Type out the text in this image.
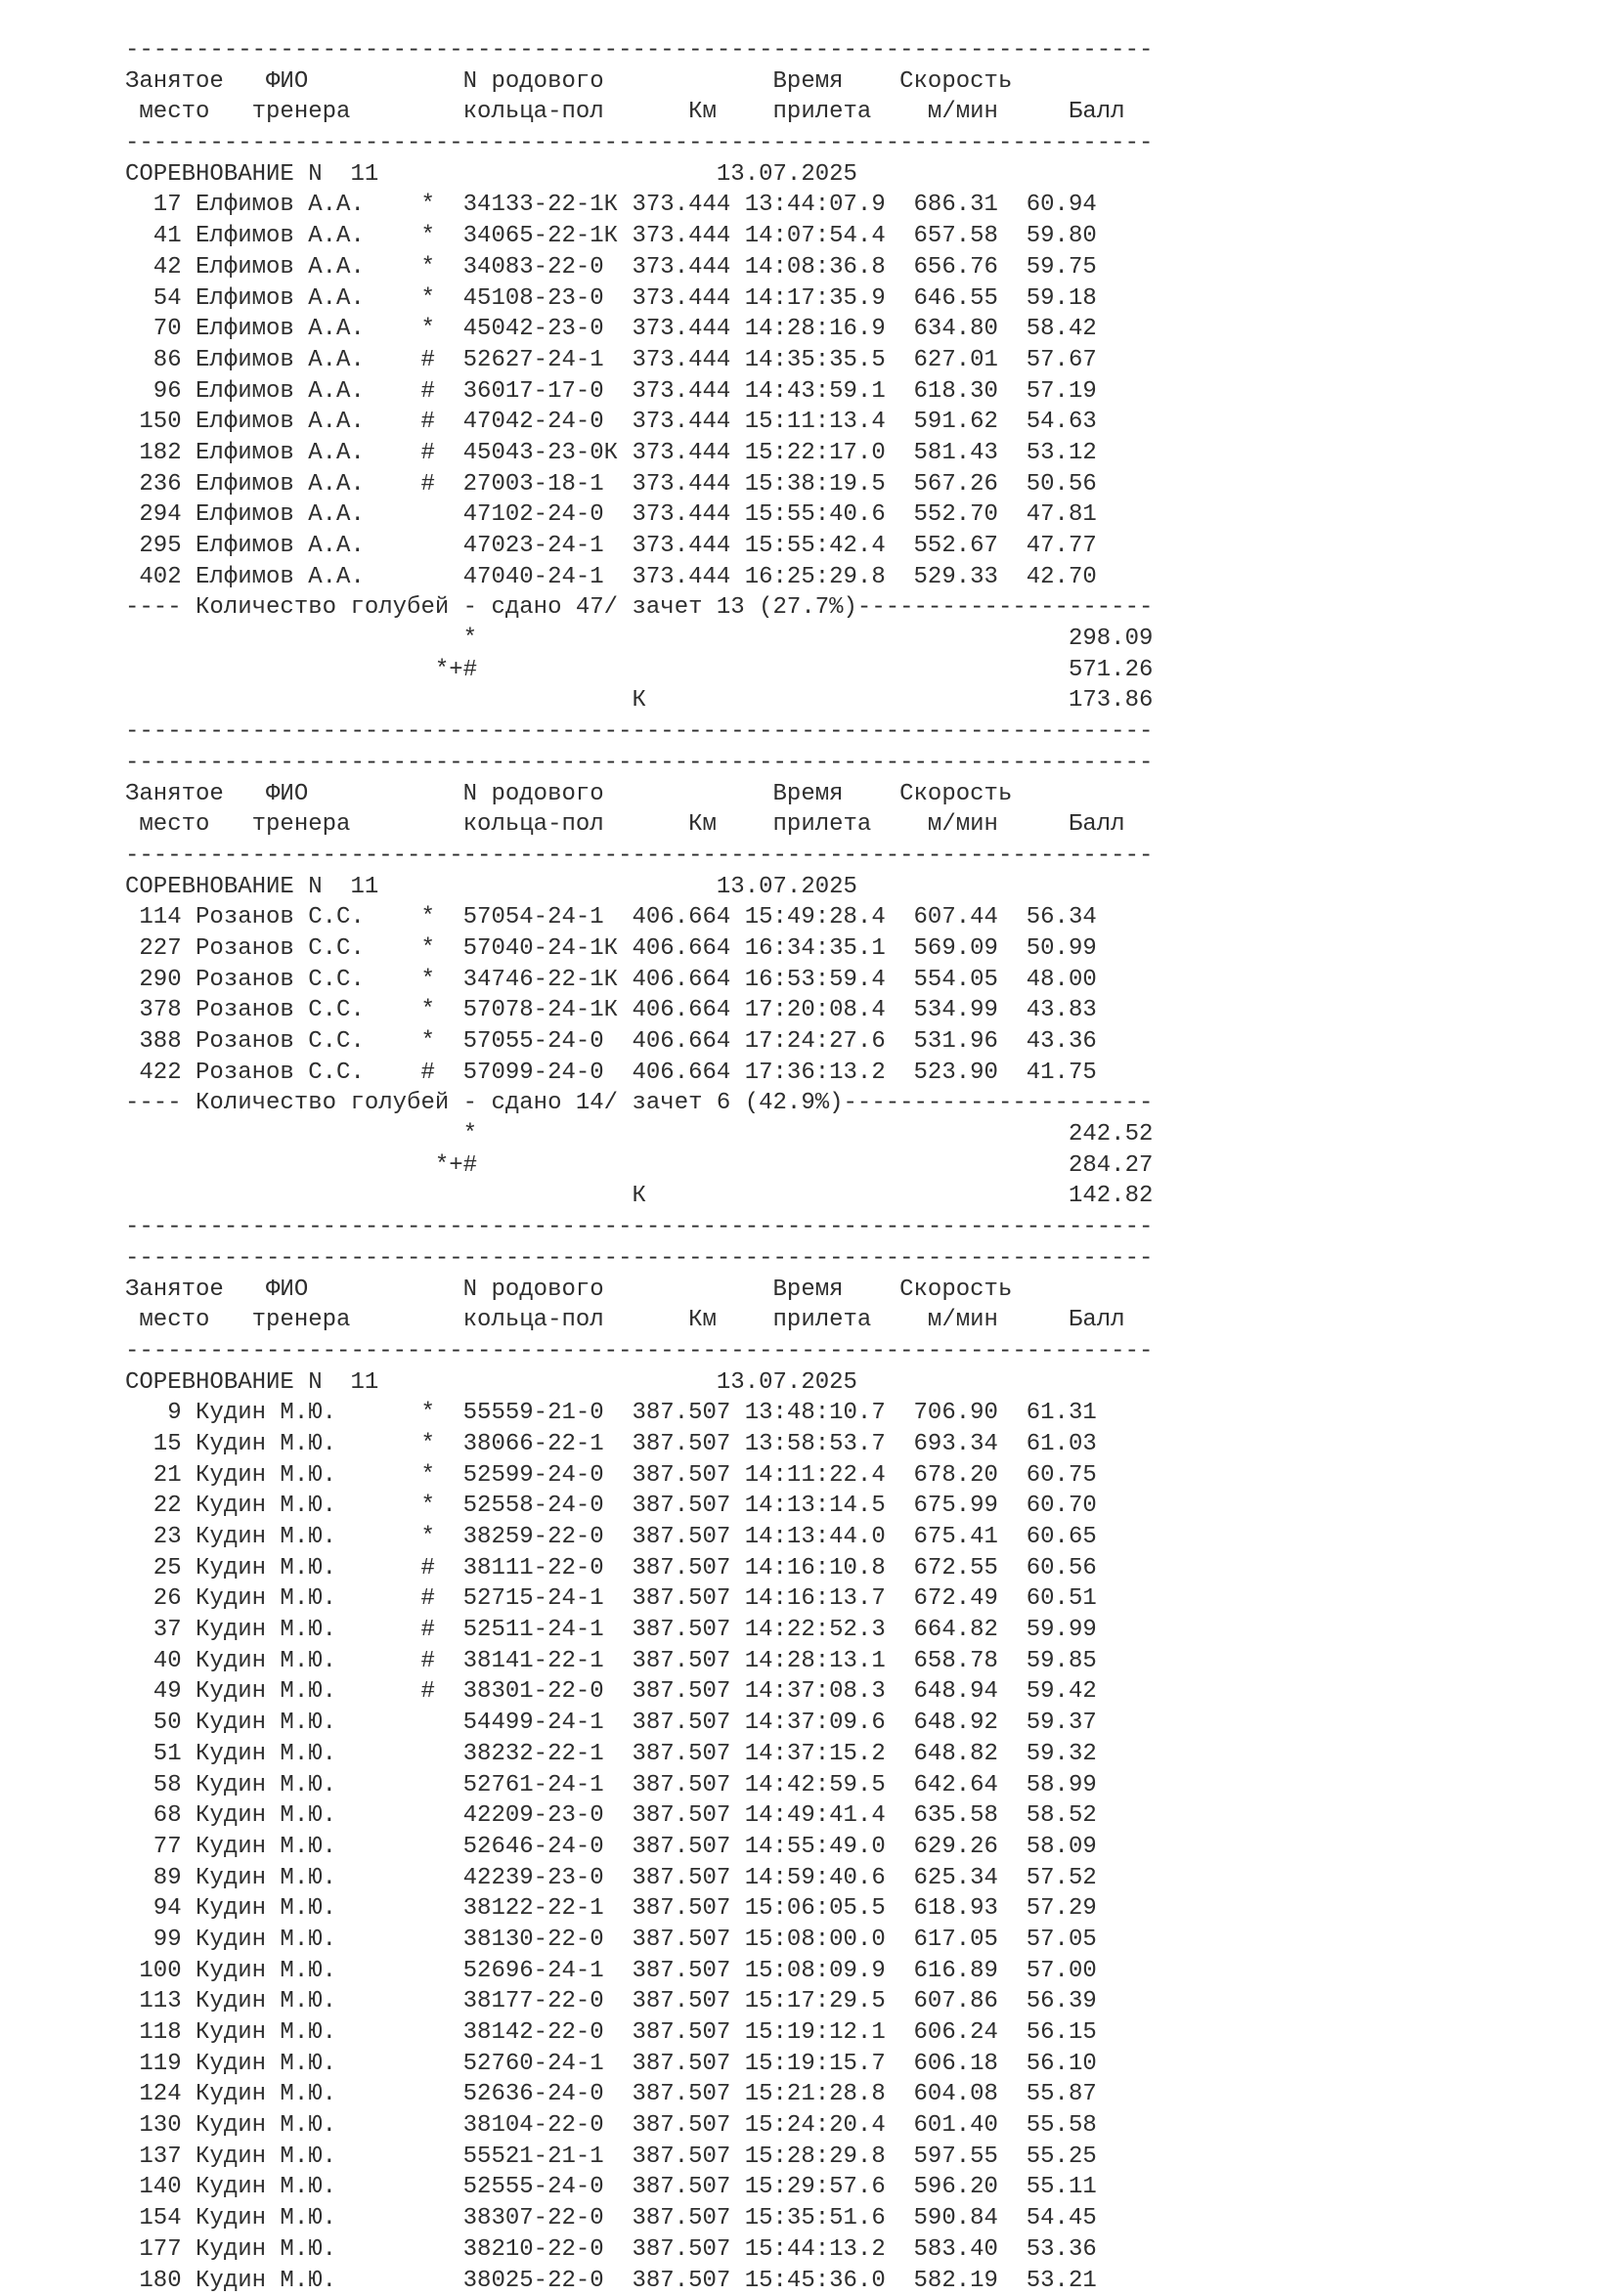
-------------------------------------------------------------------------
Занятое   ФИО           N родового            Время    Скорость
место   тренера        кольца-пол      Км    прилета    м/мин     Балл
-------------------------------------------------------------------------
СОРЕВНОВАНИЕ N  11                        13.07.2025
17 Елфимов А.А.    *  34133-22-1К 373.444 13:44:07.9  686.31  60.94
41 Елфимов А.А.    *  34065-22-1К 373.444 14:07:54.4  657.58  59.80
42 Елфимов А.А.    *  34083-22-0  373.444 14:08:36.8  656.76  59.75
54 Елфимов А.А.    *  45108-23-0  373.444 14:17:35.9  646.55  59.18
70 Елфимов А.А.    *  45042-23-0  373.444 14:28:16.9  634.80  58.42
86 Елфимов А.А.    #  52627-24-1  373.444 14:35:35.5  627.01  57.67
96 Елфимов А.А.    #  36017-17-0  373.444 14:43:59.1  618.30  57.19
150 Елфимов А.А.    #  47042-24-0  373.444 15:11:13.4  591.62  54.63
182 Елфимов А.А.    #  45043-23-0К 373.444 15:22:17.0  581.43  53.12
236 Елфимов А.А.    #  27003-18-1  373.444 15:38:19.5  567.26  50.56
294 Елфимов А.А.       47102-24-0  373.444 15:55:40.6  552.70  47.81
295 Елфимов А.А.       47023-24-1  373.444 15:55:42.4  552.67  47.77
402 Елфимов А.А.       47040-24-1  373.444 16:25:29.8  529.33  42.70
---- Количество голубей - сдано 47/ зачет 13 (27.7%)---------------------
*                                          298.09
*+#                                          571.26
К                              173.86
-------------------------------------------------------------------------
-------------------------------------------------------------------------
Занятое   ФИО           N родового            Время    Скорость
место   тренера        кольца-пол      Км    прилета    м/мин     Балл
-------------------------------------------------------------------------
СОРЕВНОВАНИЕ N  11                        13.07.2025
114 Розанов С.С.    *  57054-24-1  406.664 15:49:28.4  607.44  56.34
227 Розанов С.С.    *  57040-24-1К 406.664 16:34:35.1  569.09  50.99
290 Розанов С.С.    *  34746-22-1К 406.664 16:53:59.4  554.05  48.00
378 Розанов С.С.    *  57078-24-1К 406.664 17:20:08.4  534.99  43.83
388 Розанов С.С.    *  57055-24-0  406.664 17:24:27.6  531.96  43.36
422 Розанов С.С.    #  57099-24-0  406.664 17:36:13.2  523.90  41.75
---- Количество голубей - сдано 14/ зачет 6 (42.9%)----------------------
*                                          242.52
*+#                                          284.27
К                              142.82
-------------------------------------------------------------------------
-------------------------------------------------------------------------
Занятое   ФИО           N родового            Время    Скорость
место   тренера        кольца-пол      Км    прилета    м/мин     Балл
-------------------------------------------------------------------------
СОРЕВНОВАНИЕ N  11                        13.07.2025
9 Кудин М.Ю.      *  55559-21-0  387.507 13:48:10.7  706.90  61.31
15 Кудин М.Ю.      *  38066-22-1  387.507 13:58:53.7  693.34  61.03
21 Кудин М.Ю.      *  52599-24-0  387.507 14:11:22.4  678.20  60.75
22 Кудин М.Ю.      *  52558-24-0  387.507 14:13:14.5  675.99  60.70
23 Кудин М.Ю.      *  38259-22-0  387.507 14:13:44.0  675.41  60.65
25 Кудин М.Ю.      #  38111-22-0  387.507 14:16:10.8  672.55  60.56
26 Кудин М.Ю.      #  52715-24-1  387.507 14:16:13.7  672.49  60.51
37 Кудин М.Ю.      #  52511-24-1  387.507 14:22:52.3  664.82  59.99
40 Кудин М.Ю.      #  38141-22-1  387.507 14:28:13.1  658.78  59.85
49 Кудин М.Ю.      #  38301-22-0  387.507 14:37:08.3  648.94  59.42
50 Кудин М.Ю.         54499-24-1  387.507 14:37:09.6  648.92  59.37
51 Кудин М.Ю.         38232-22-1  387.507 14:37:15.2  648.82  59.32
58 Кудин М.Ю.         52761-24-1  387.507 14:42:59.5  642.64  58.99
68 Кудин М.Ю.         42209-23-0  387.507 14:49:41.4  635.58  58.52
77 Кудин М.Ю.         52646-24-0  387.507 14:55:49.0  629.26  58.09
89 Кудин М.Ю.         42239-23-0  387.507 14:59:40.6  625.34  57.52
94 Кудин М.Ю.         38122-22-1  387.507 15:06:05.5  618.93  57.29
99 Кудин М.Ю.         38130-22-0  387.507 15:08:00.0  617.05  57.05
100 Кудин М.Ю.         52696-24-1  387.507 15:08:09.9  616.89  57.00
113 Кудин М.Ю.         38177-22-0  387.507 15:17:29.5  607.86  56.39
118 Кудин М.Ю.         38142-22-0  387.507 15:19:12.1  606.24  56.15
119 Кудин М.Ю.         52760-24-1  387.507 15:19:15.7  606.18  56.10
124 Кудин М.Ю.         52636-24-0  387.507 15:21:28.8  604.08  55.87
130 Кудин М.Ю.         38104-22-0  387.507 15:24:20.4  601.40  55.58
137 Кудин М.Ю.         55521-21-1  387.507 15:28:29.8  597.55  55.25
140 Кудин М.Ю.         52555-24-0  387.507 15:29:57.6  596.20  55.11
154 Кудин М.Ю.         38307-22-0  387.507 15:35:51.6  590.84  54.45
177 Кудин М.Ю.         38210-22-0  387.507 15:44:13.2  583.40  53.36
180 Кудин М.Ю.         38025-22-0  387.507 15:45:36.0  582.19  53.21
